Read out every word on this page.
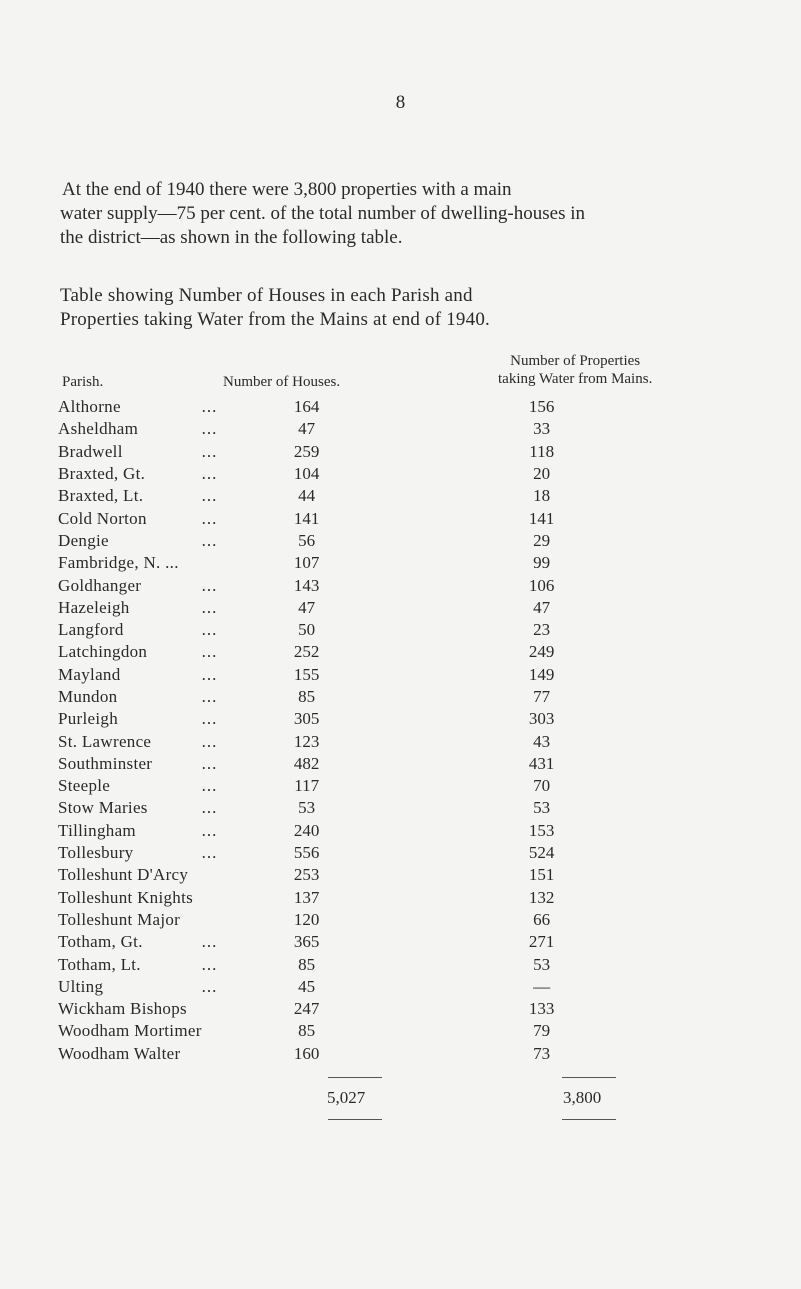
8
At the end of 1940 there were 3,800 properties with a main
water supply—75 per cent. of the total number of dwelling-houses in
the district—as shown in the following table.
Table showing Number of Houses in each Parish and
Properties taking Water from the Mains at end of 1940.
Parish.	Number of Houses.
Number of Properties
taking Water from Mains.
Althorne	...	164		156
Asheldham	...	47		33
Bradwell	...	259		118
Braxted, Gt.	...	104		20
Braxted, Lt.	...	44		18
Cold Norton	...	141		141
Dengie	...	56		29
Fambridge, N. ...		107		99
Goldhanger	...	143		106
Hazeleigh	...	47		47
Langford	...	50		23
Latchingdon	...	252		249
Mayland	...	155		149
Mundon	...	85		77
Purleigh	...	305		303
St. Lawrence	...	123		43
Southminster	...	482		431
Steeple	...	117		70
Stow Maries	...	53		53
Tillingham	...	240		153
Tollesbury	...	556		524
Tolleshunt D'Arcy		253		151
Tolleshunt Knights		137		132
Tolleshunt Major		120		66
Totham, Gt.	...	365		271
Totham, Lt.	...	85		53
Ulting	...	45		—
Wickham Bishops		247		133
Woodham Mortimer		85		79
Woodham Walter		160		73
5,027	3,800
